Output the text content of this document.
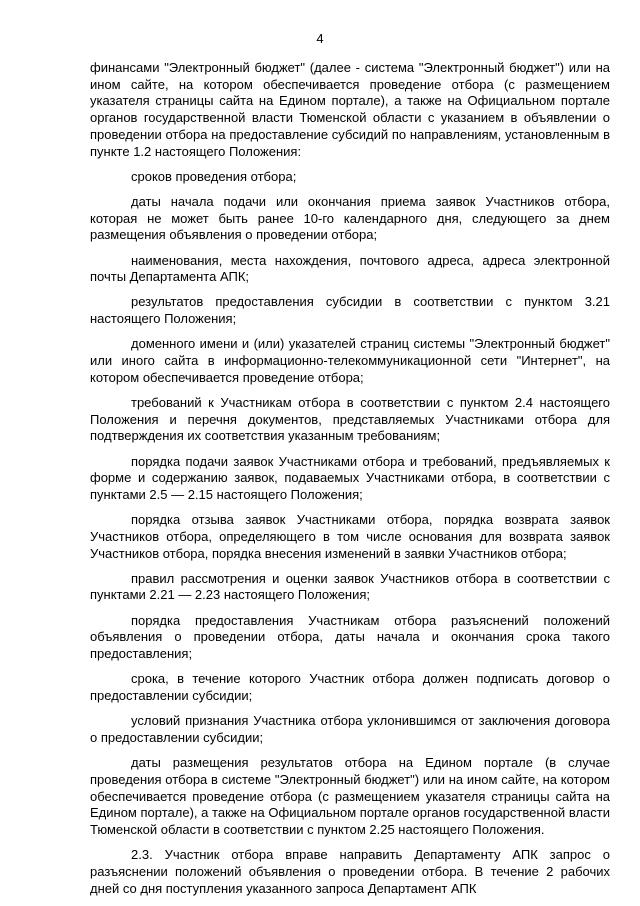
4

финансами "Электронный бюджет" (далее - система "Электронный бюджет") или на ином сайте, на котором обеспечивается проведение отбора (с размещением указателя страницы сайта на Едином портале), а также на Официальном портале органов государственной власти Тюменской области с указанием в объявлении о проведении отбора на предоставление субсидий по направлениям, установленным в пункте 1.2 настоящего Положения:

сроков проведения отбора;

даты начала подачи или окончания приема заявок Участников отбора, которая не может быть ранее 10-го календарного дня, следующего за днем размещения объявления о проведении отбора;

наименования, места нахождения, почтового адреса, адреса электронной почты Департамента АПК;

результатов предоставления субсидии в соответствии с пунктом 3.21 настоящего Положения;

доменного имени и (или) указателей страниц системы "Электронный бюджет" или иного сайта в информационно-телекоммуникационной сети "Интернет", на котором обеспечивается проведение отбора;

требований к Участникам отбора в соответствии с пунктом 2.4 настоящего Положения и перечня документов, представляемых Участниками отбора для подтверждения их соответствия указанным требованиям;

порядка подачи заявок Участниками отбора и требований, предъявляемых к форме и содержанию заявок, подаваемых Участниками отбора, в соответствии с пунктами 2.5 — 2.15 настоящего Положения;

порядка отзыва заявок Участниками отбора, порядка возврата заявок Участников отбора, определяющего в том числе основания для возврата заявок Участников отбора, порядка внесения изменений в заявки Участников отбора;

правил рассмотрения и оценки заявок Участников отбора в соответствии с пунктами 2.21 — 2.23 настоящего Положения;

порядка предоставления Участникам отбора разъяснений положений объявления о проведении отбора, даты начала и окончания срока такого предоставления;

срока, в течение которого Участник отбора должен подписать договор о предоставлении субсидии;

условий признания Участника отбора уклонившимся от заключения договора о предоставлении субсидии;

даты размещения результатов отбора на Едином портале (в случае проведения отбора в системе "Электронный бюджет") или на ином сайте, на котором обеспечивается проведение отбора (с размещением указателя страницы сайта на Едином портале), а также на Официальном портале органов государственной власти Тюменской области в соответствии с пунктом 2.25 настоящего Положения.

2.3. Участник отбора вправе направить Департаменту АПК запрос о разъяснении положений объявления о проведении отбора. В течение 2 рабочих дней со дня поступления указанного запроса Департамент АПК
